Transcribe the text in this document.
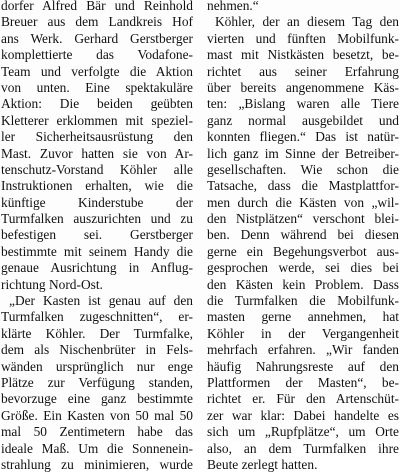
dorfer Alfred Bär und Reinhold
Breuer aus dem Landkreis Hof
ans Werk. Gerhard Gerstberger
komplettierte das Vodafone-
Team und verfolgte die Aktion
von unten. Eine spektakuläre
Aktion: Die beiden geübten
Kletterer erklommen mit speziel-
ler Sicherheitsausrüstung den
Mast. Zuvor hatten sie von Ar-
tenschutz-Vorstand Köhler alle
Instruktionen erhalten, wie die
künftige Kinderstube der
Turmfalken auszurichten und zu
befestigen sei. Gerstberger
bestimmte mit seinem Handy die
genaue Ausrichtung in Anflug-
richtung Nord-Ost.
„Der Kasten ist genau auf den
Turmfalken zugeschnitten“, er-
klärte Köhler. Der Turmfalke,
dem als Nischenbrüter in Fels-
wänden ursprünglich nur enge
Plätze zur Verfügung standen,
bevorzuge eine ganz bestimmte
Größe. Ein Kasten von 50 mal 50
mal 50 Zentimetern habe das
ideale Maß. Um die Sonnenein-
strahlung zu minimieren, wurde
nehmen.“
Köhler, der an diesem Tag den
vierten und fünften Mobilfunk-
mast mit Nistkästen besetzt, be-
richtet aus seiner Erfahrung
über bereits angenommene Käs-
ten: „Bislang waren alle Tiere
ganz normal ausgebildet und
konnten fliegen.“ Das ist natür-
lich ganz im Sinne der Betreiber-
gesellschaften. Wie schon die
Tatsache, dass die Mastplattfor-
men durch die Kästen von „wil-
den Nistplätzen“ verschont blei-
ben. Denn während bei diesen
gerne ein Begehungsverbot aus-
gesprochen werde, sei dies bei
den Kästen kein Problem. Dass
die Turmfalken die Mobilfunk-
masten gerne annehmen, hat
Köhler in der Vergangenheit
mehrfach erfahren. „Wir fanden
häufig Nahrungsreste auf den
Plattformen der Masten“, be-
richtet er. Für den Artenschüt-
zer war klar: Dabei handelte es
sich um „Rupfplätze“, um Orte
also, an dem Turmfalken ihre
Beute zerlegt hatten.
